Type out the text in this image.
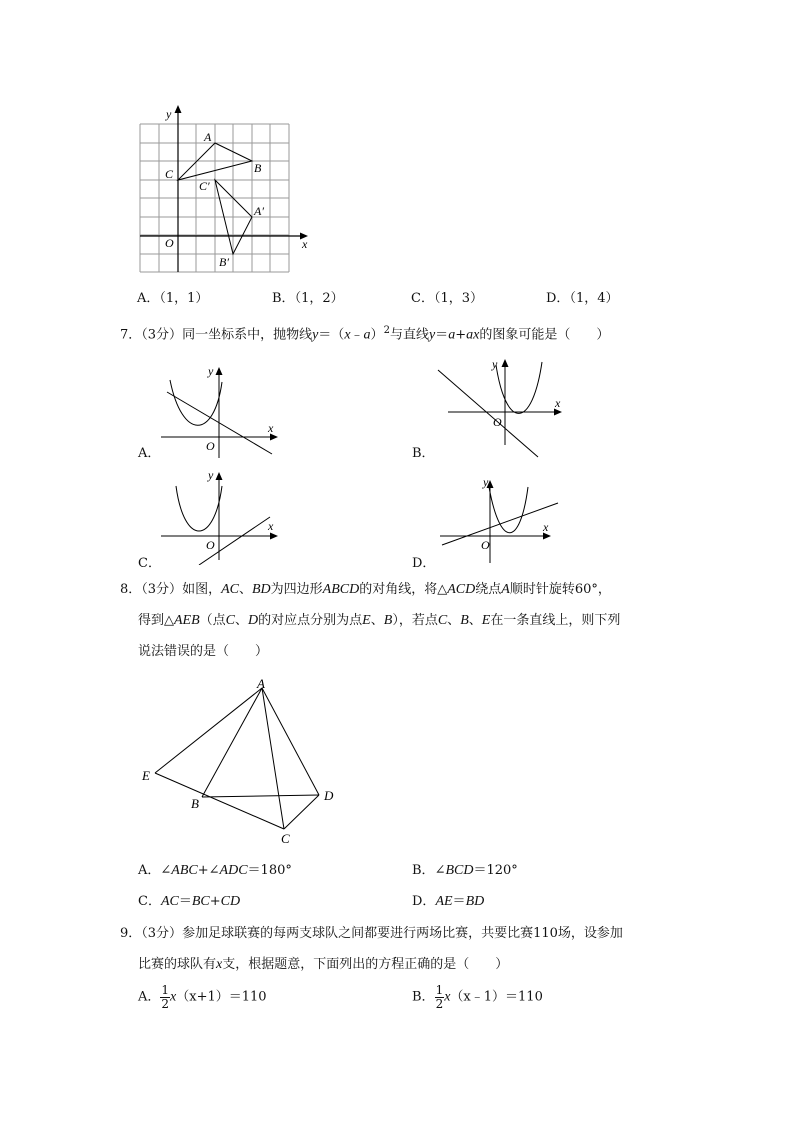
y
x
O
A
B
C
C′
A′
B′
A．（1，1）	B．（1，2）	C．（1，3）	D．（1，4）
7．（3分）同一坐标系中，抛物线y＝（x﹣a）$^2$与直线y＝a+ax的图象可能是（　　）
y
x
O
A．
y
x
O
B．
y
x
O
C．
y
x
O
D．
8．（3分）如图，AC、BD为四边形ABCD的对角线，将△ACD绕点A顺时针旋转60°，
得到△AEB（点C、D的对应点分别为点E、B），若点C、B、E在一条直线上，则下列
说法错误的是（　　）
A
E
B
D
C
A．∠ABC+∠ADC＝180°	B．∠BCD＝120°
C．AC＝BC+CD	D．AE＝BD
9．（3分）参加足球联赛的每两支球队之间都要进行两场比赛，共要比赛110场，设参加
比赛的球队有x支，根据题意，下面列出的方程正确的是（　　）
A． $\frac{1}{2} x(x+1)=110$	B． $\frac{1}{2}$ x（x﹣1）＝110
